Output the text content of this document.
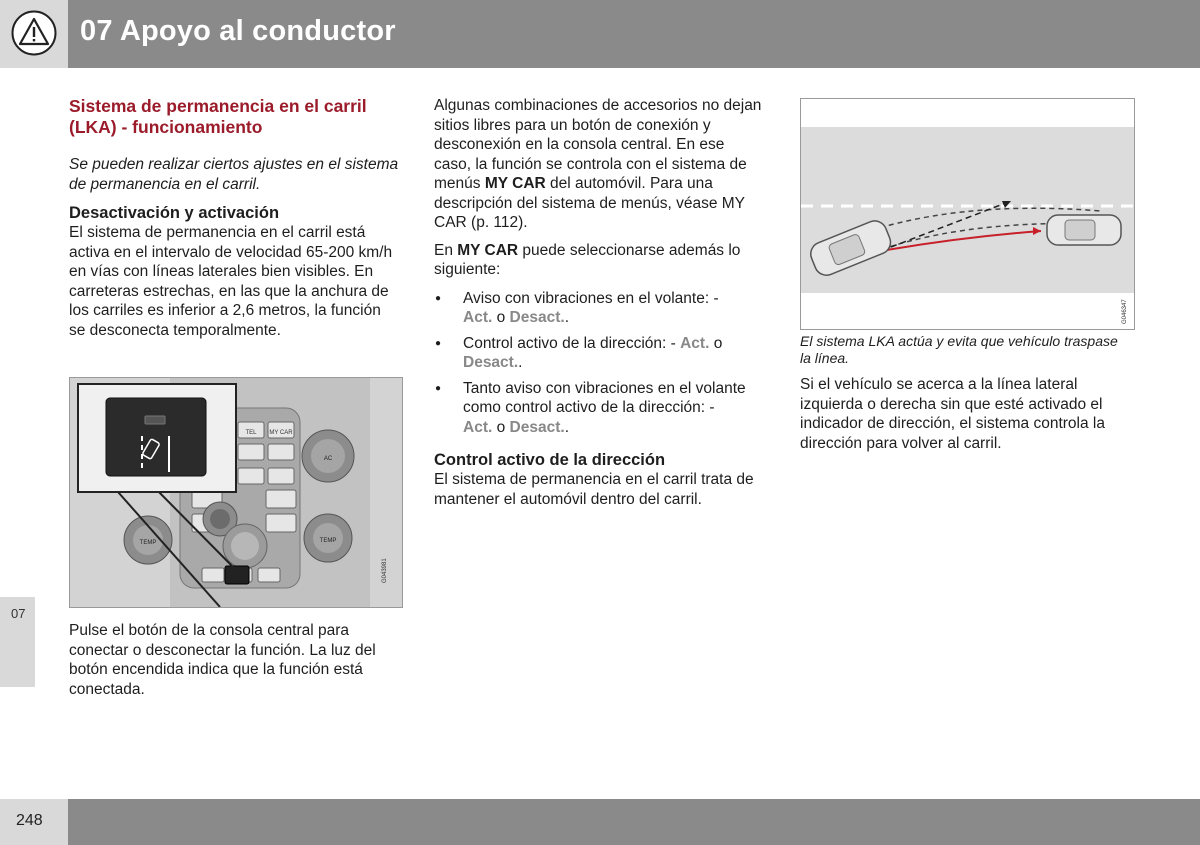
07 Apoyo al conductor
07
248

Sistema de permanencia en el carril (LKA) - funcionamiento

Se pueden realizar ciertos ajustes en el sistema de permanencia en el carril.

Desactivación y activación

El sistema de permanencia en el carril está activa en el intervalo de velocidad 65-200 km/h en vías con líneas laterales bien visibles. En carreteras estrechas, en las que la anchura de los carriles es inferior a 2,6 metros, la función se desconecta temporalmente.

TEL MY CAR
AC
TEMP	TEMP
G043981

Pulse el botón de la consola central para conectar o desconectar la función. La luz del botón encendida indica que la función está conectada.

Algunas combinaciones de accesorios no dejan sitios libres para un botón de conexión y desconexión en la consola central. En ese caso, la función se controla con el sistema de menús MY CAR del automóvil. Para una descripción del sistema de menús, véase MY CAR (p. 112).

En MY CAR puede seleccionarse además lo siguiente:

● Aviso con vibraciones en el volante: -
Act. o Desact..

● Control activo de la dirección: - Act. o
Desact..

● Tanto aviso con vibraciones en el volante como control activo de la dirección: -
Act. o Desact..

Control activo de la dirección

El sistema de permanencia en el carril trata de mantener el automóvil dentro del carril.

G046347
El sistema LKA actúa y evita que vehículo traspase la línea.

Si el vehículo se acerca a la línea lateral izquierda o derecha sin que esté activado el indicador de dirección, el sistema controla la dirección para volver al carril.
